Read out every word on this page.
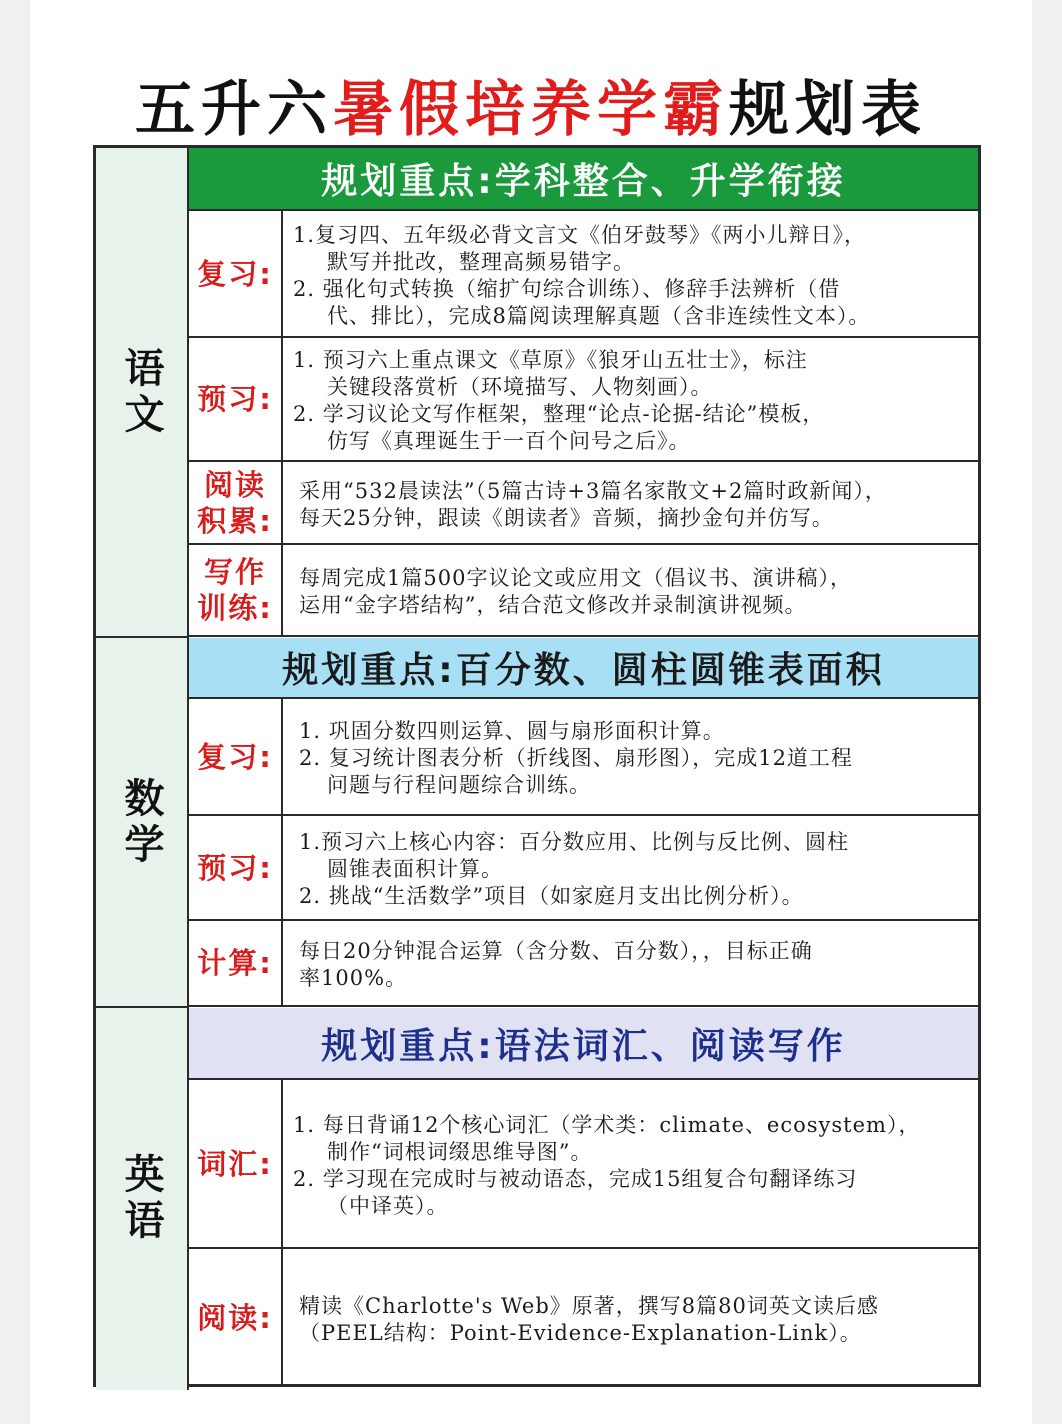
五升六暑假培养学霸规划表
语文
规划重点:学科整合、升学衔接
复习:

1.复习四、五年级必背文言文《伯牙鼓琴》《两小儿辩日》，

默写并批改，整理高频易错字。

2. 强化句式转换（缩扩句综合训练）、修辞手法辨析（借

代、排比），完成8篇阅读理解真题（含非连续性文本）。

预习:

1. 预习六上重点课文《草原》《狼牙山五壮士》，标注

关键段落赏析（环境描写、人物刻画）。

2. 学习议论文写作框架，整理“论点-论据-结论”模板，

仿写《真理诞生于一百个问号之后》。

阅读
积累:

采用“532晨读法”（5篇古诗+3篇名家散文+2篇时政新闻），

每天25分钟，跟读《朗读者》音频，摘抄金句并仿写。

写作
训练:

每周完成1篇500字议论文或应用文（倡议书、演讲稿），

运用“金字塔结构”，结合范文修改并录制演讲视频。

数学
规划重点:百分数、圆柱圆锥表面积
复习:

1. 巩固分数四则运算、圆与扇形面积计算。

2. 复习统计图表分析（折线图、扇形图），完成12道工程

问题与行程问题综合训练。

预习:

1.预习六上核心内容：百分数应用、比例与反比例、圆柱

圆锥表面积计算。

2. 挑战“生活数学”项目（如家庭月支出比例分析）。

计算:	每日20分钟混合运算（含分数、百分数），，目标正确

率100%。

英语
规划重点:语法词汇、阅读写作
词汇:

1. 每日背诵12个核心词汇（学术类：climate、ecosystem），

制作“词根词缀思维导图”。

2. 学习现在完成时与被动语态，完成15组复合句翻译练习

（中译英）。

阅读:	精读《Charlotte's Web》原著，撰写8篇80词英文读后感

（PEEL结构：Point-Evidence-Explanation-Link）。
